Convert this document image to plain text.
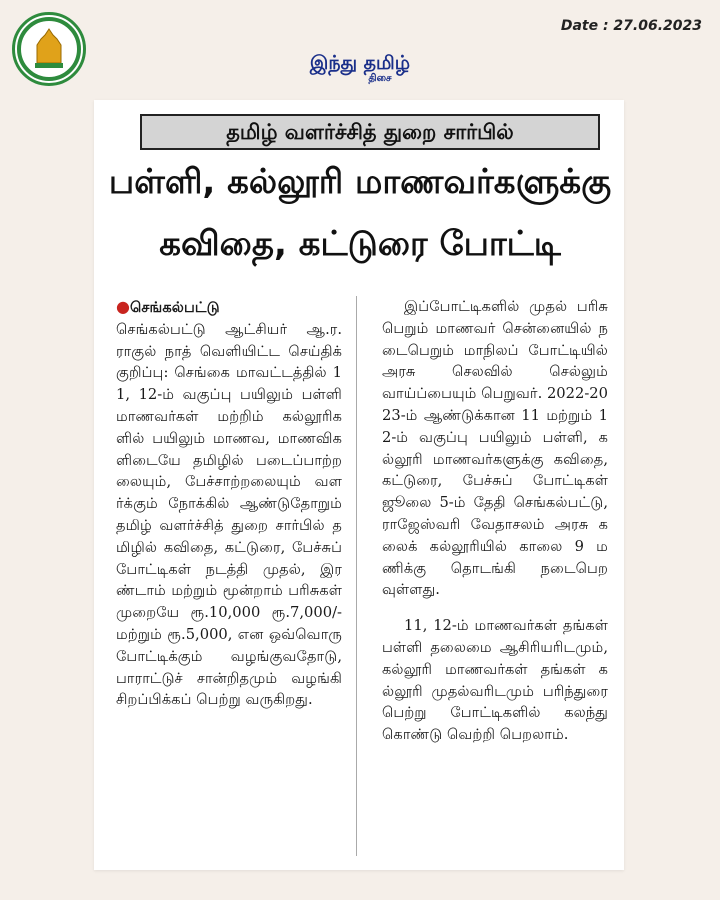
Date : 27.06.2023
இந்து தமிழ்
திசை
தமிழ் வளர்ச்சித் துறை சார்பில்
பள்ளி, கல்லூரி மாணவர்களுக்கு
கவிதை, கட்டுரை போட்டி
●செங்கல்பட்டு
செங்கல்பட்டு ஆட்சியர் ஆ.ர. ராகுல் நாத் வெளியிட்ட செய்திக் குறிப்பு: செங்கை மாவட்டத்தில் 11, 12-ம் வகுப்பு பயிலும் பள்ளி மாணவர்கள் மற்றிம் கல்லூரிகளில் பயிலும் மாணவ, மாணவிகளிடையே தமிழில் படைப்பாற்றலையும், பேச்சாற்றலையும் வளர்க்கும் நோக்கில் ஆண்டுதோறும் தமிழ் வளர்ச்சித் துறை சார்பில் தமிழில் கவிதை, கட்டுரை, பேச்சுப் போட்டிகள் நடத்தி முதல், இரண்டாம் மற்றும் மூன்றாம் பரிசுகள் முறையே ரூ.10,000 ரூ.7,000/- மற்றும் ரூ.5,000, என ஒவ்வொரு போட்டிக்கும் வழங்குவதோடு, பாராட்டுச் சான்றிதமும் வழங்கி சிறப்பிக்கப் பெற்று வருகிறது.
இப்போட்டிகளில் முதல் பரிசு பெறும் மாணவர் சென்னையில் நடைபெறும் மாநிலப் போட்டியில் அரசு செலவில் செல்லும் வாய்ப்பையும் பெறுவர். 2022-2023-ம் ஆண்டுக்கான 11 மற்றும் 12-ம் வகுப்பு பயிலும் பள்ளி, கல்லூரி மாணவர்களுக்கு கவிதை, கட்டுரை, பேச்சுப் போட்டிகள் ஜூலை 5-ம் தேதி செங்கல்பட்டு, ராஜேஸ்வரி வேதாசலம் அரசு கலைக் கல்லூரியில் காலை 9 மணிக்கு தொடங்கி நடைபெறவுள்ளது.
11, 12-ம் மாணவர்கள் தங்கள் பள்ளி தலைமை ஆசிரியரிடமும், கல்லூரி மாணவர்கள் தங்கள் கல்லூரி முதல்வரிடமும் பரிந்துரை பெற்று போட்டிகளில் கலந்து கொண்டு வெற்றி பெறலாம்.
